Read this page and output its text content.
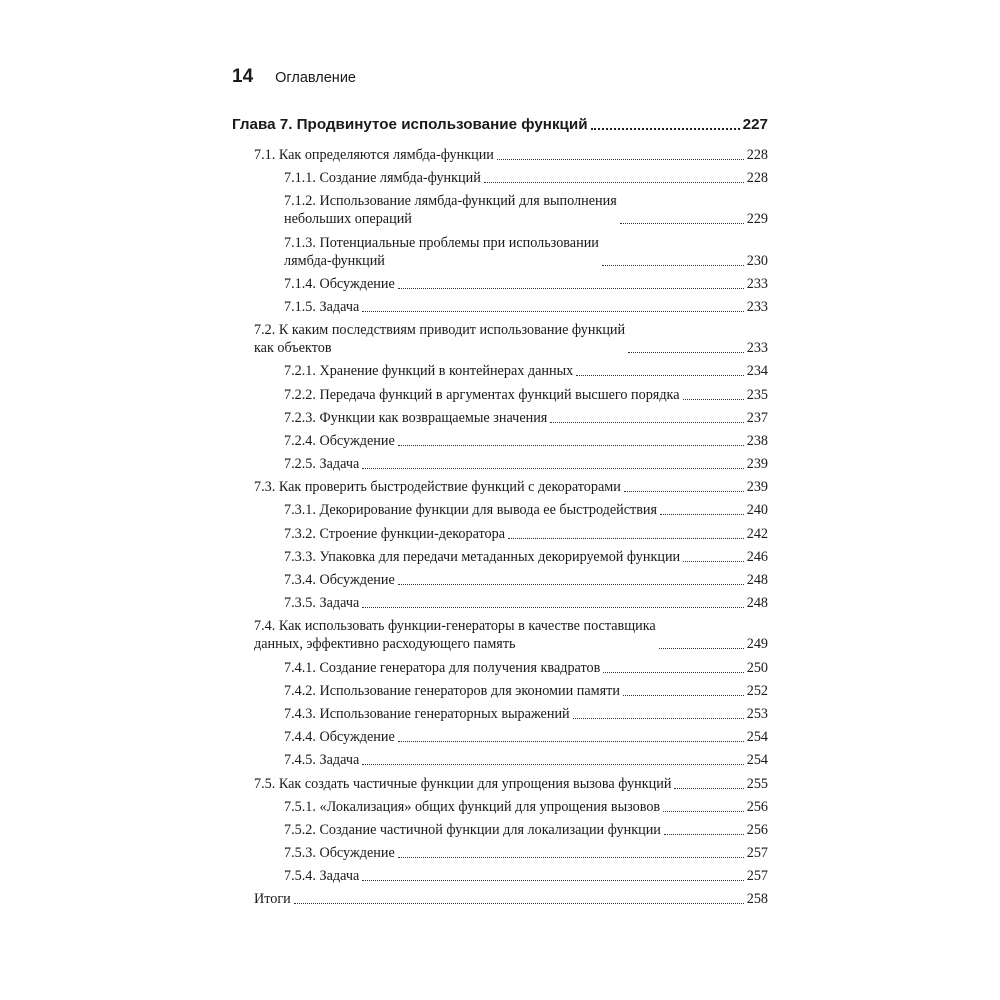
14 Оглавление
Глава 7. Продвинутое использование функций	227
7.1. Как определяются лямбда-функции	228
7.1.1. Создание лямбда-функций	228
7.1.2. Использование лямбда-функций для выполнения
небольших операций	229
7.1.3. Потенциальные проблемы при использовании
лямбда-функций	230
7.1.4. Обсуждение	233
7.1.5. Задача	233
7.2. К каким последствиям приводит использование функций
как объектов	233
7.2.1. Хранение функций в контейнерах данных	234
7.2.2. Передача функций в аргументах функций высшего порядка	235
7.2.3. Функции как возвращаемые значения	237
7.2.4. Обсуждение	238
7.2.5. Задача	239
7.3. Как проверить быстродействие функций с декораторами	239
7.3.1. Декорирование функции для вывода ее быстродействия	240
7.3.2. Строение функции-декоратора	242
7.3.3. Упаковка для передачи метаданных декорируемой функции	246
7.3.4. Обсуждение	248
7.3.5. Задача	248
7.4. Как использовать функции-генераторы в качестве поставщика
данных, эффективно расходующего память	249
7.4.1. Создание генератора для получения квадратов	250
7.4.2. Использование генераторов для экономии памяти	252
7.4.3. Использование генераторных выражений	253
7.4.4. Обсуждение	254
7.4.5. Задача	254
7.5. Как создать частичные функции для упрощения вызова функций	255
7.5.1. «Локализация» общих функций для упрощения вызовов	256
7.5.2. Создание частичной функции для локализации функции	256
7.5.3. Обсуждение	257
7.5.4. Задача	257
Итоги	258
